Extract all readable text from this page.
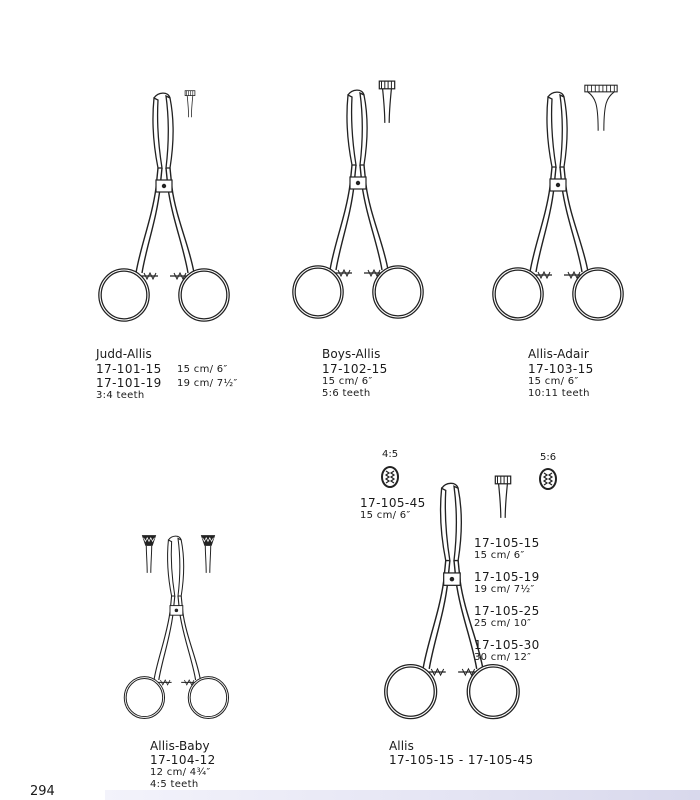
Judd-Allis
17-101-15 15 cm/ 6″
17-101-19 19 cm/ 7½″
3:4 teeth
Boys-Allis
17-102-15
15 cm/ 6″
5:6 teeth
Allis-Adair
17-103-15
15 cm/ 6″
10:11 teeth
Allis-Baby
17-104-12
12 cm/ 4¾″
4:5 teeth
4:5	5:6
17-105-45
15 cm/ 6″
17-105-15
15 cm/ 6″
17-105-19
19 cm/ 7½″
17-105-25
25 cm/ 10″
17-105-30
30 cm/ 12″
Allis
17-105-15 - 17-105-45
294
